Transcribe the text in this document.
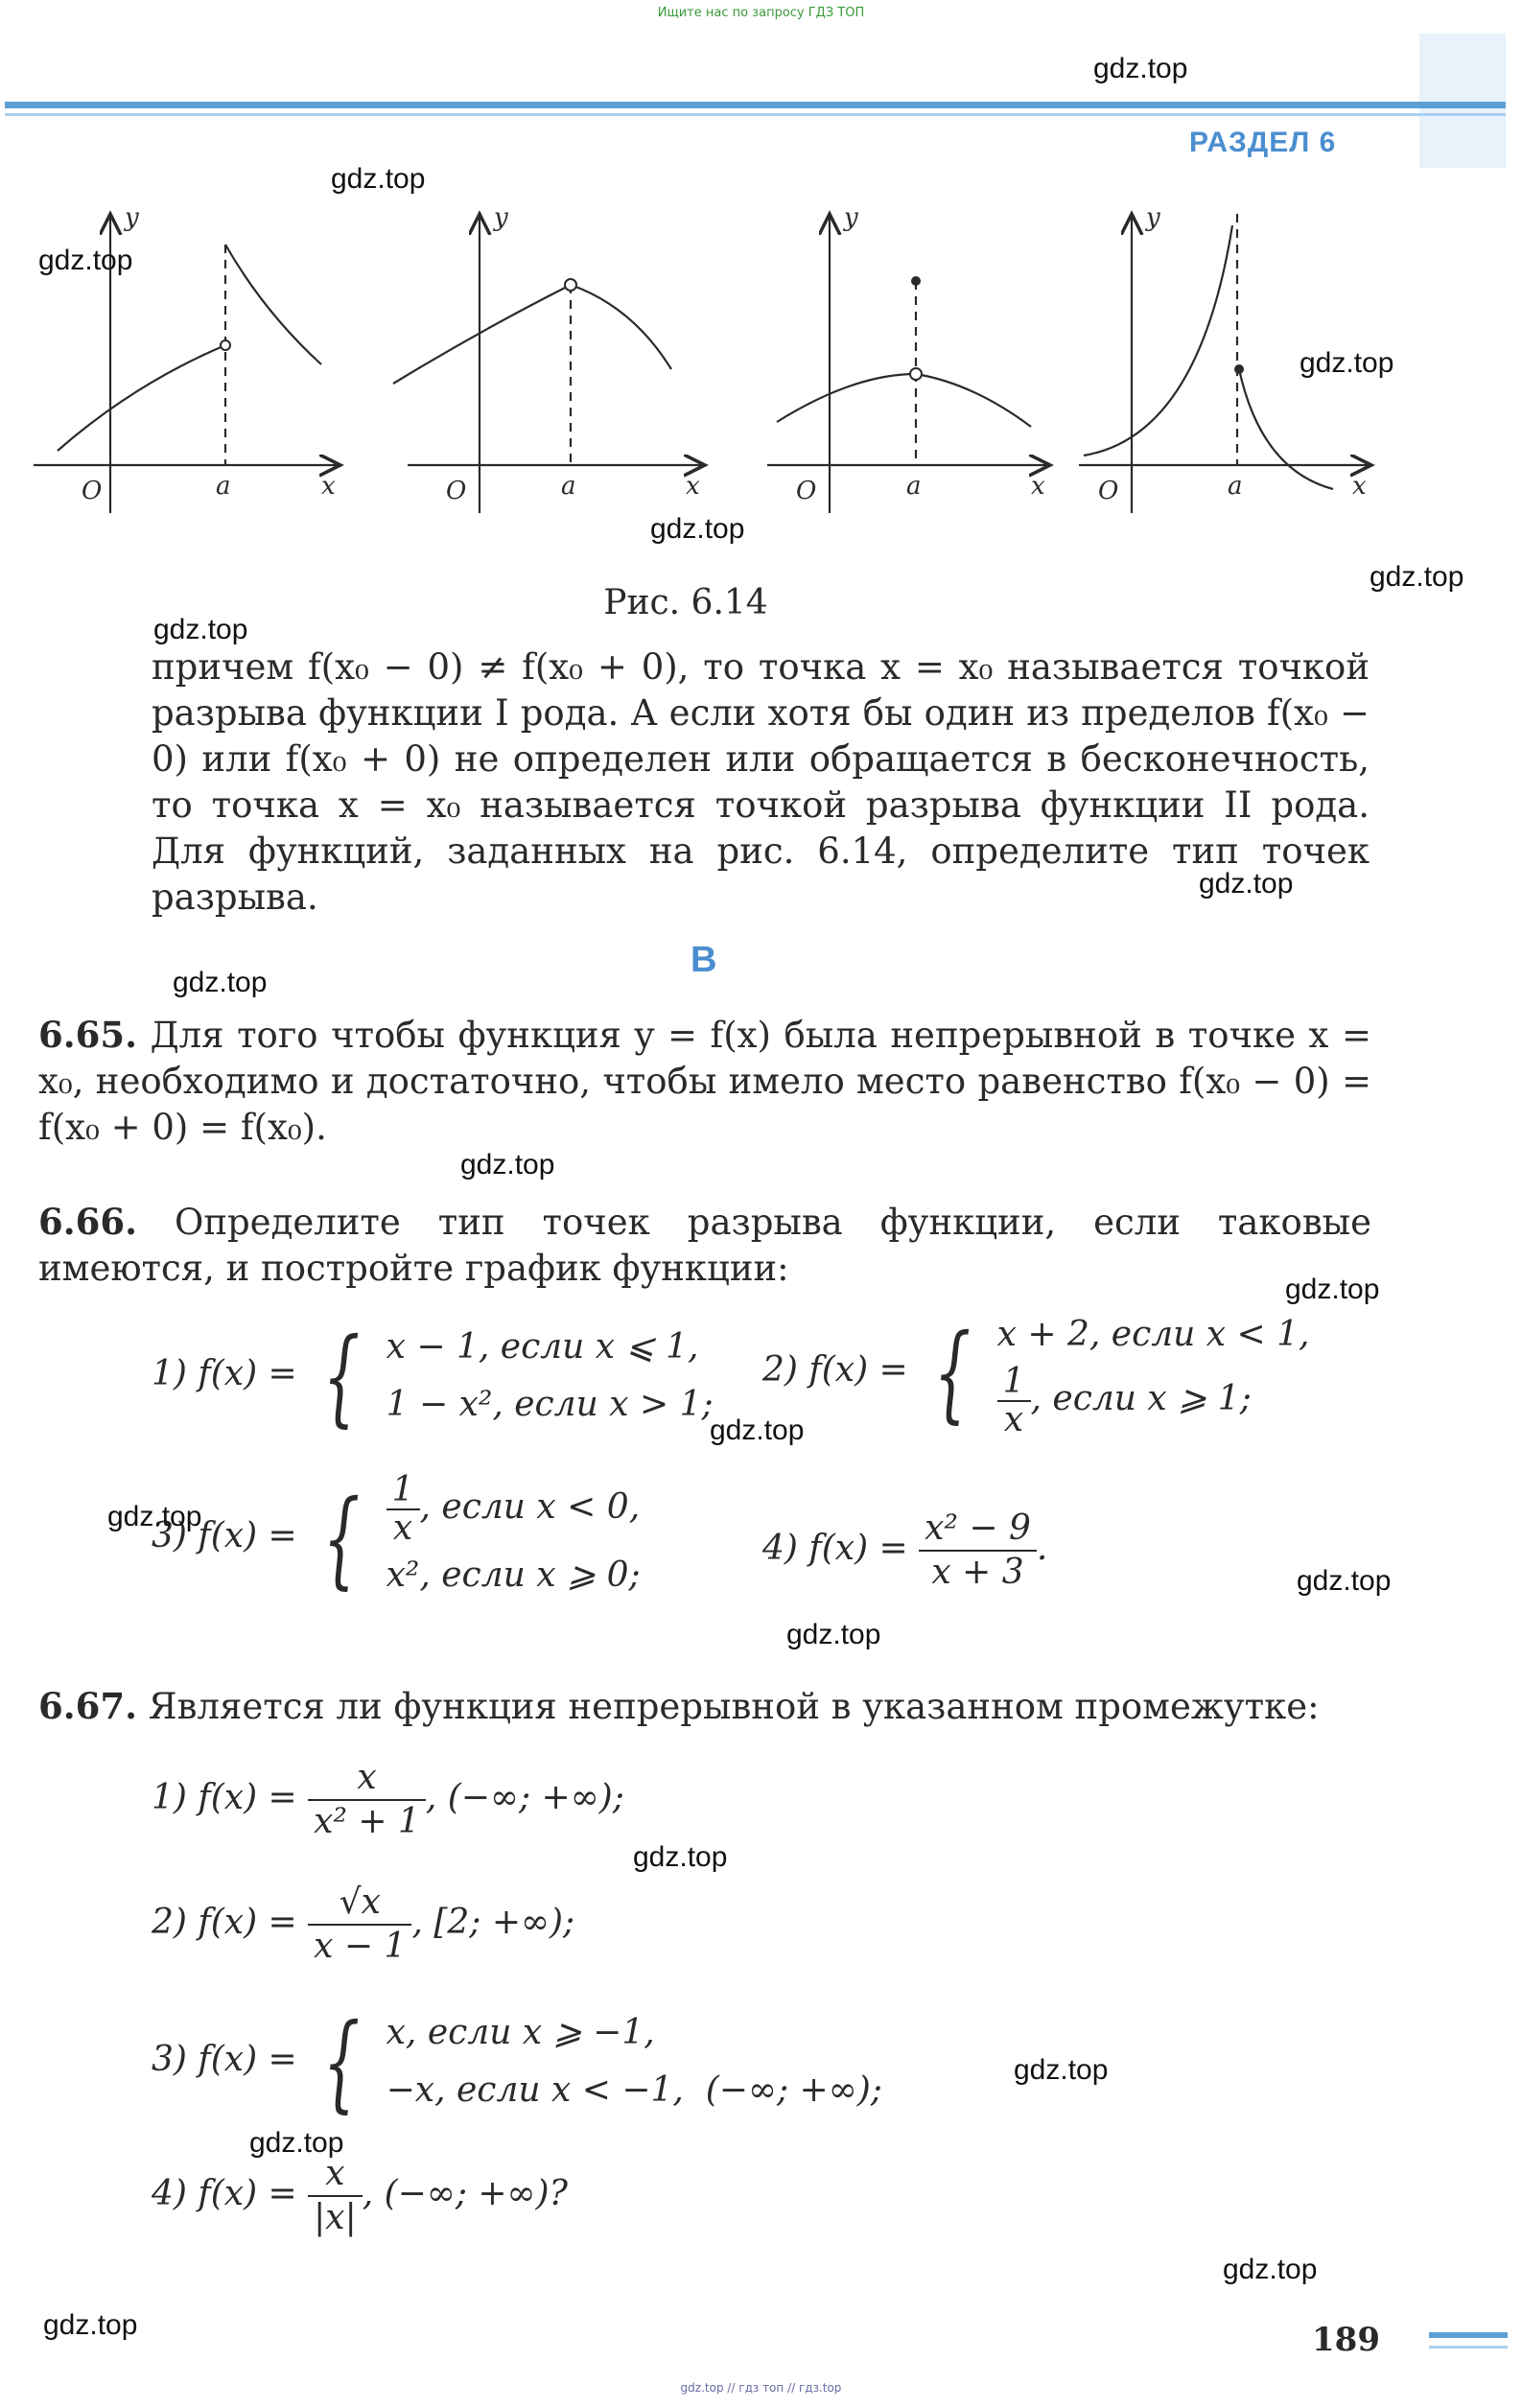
Ищите нас по запросу ГДЗ ТОП
РАЗДЕЛ 6
y
x
O	a
y
x
O	a
y
x
O	a
y
x
O	a
Рис. 6.14
причем f(x₀ − 0) ≠ f(x₀ + 0), то точка x = x₀ называется точкой разрыва функции I рода. А если хотя бы один из пределов f(x₀ − 0) или f(x₀ + 0) не определен или обращается в бесконечность, то точка x = x₀ называется точкой разрыва функции II рода. Для функций, заданных на рис. 6.14, определите тип точек разрыва.
B
6.65. Для того чтобы функция y = f(x) была непрерывной в точке x = x₀, необходимо и достаточно, чтобы имело место равенство f(x₀ − 0) = f(x₀ + 0) = f(x₀).
6.66. Определите тип точек разрыва функции, если таковые имеются, и постройте график функции:
1) f(x) = { x − 1, если x ⩽ 1,
1 − x², если x > 1;
2) f(x) = { x + 2, если x < 1,
$\frac{1}{x}$ , если x ⩾ 1;
3) f(x) = { $\frac{1}{x}$ , если x < 0,
x², если x ⩾ 0;
4) $f(x) = \frac{\text{x² − 9}}{x + 3}$ .
6.67. Является ли функция непрерывной в указанном промежутке:
1) $f(x) = \frac{x}{\text{x² + 1}}$ , (−∞; +∞);
2) $f(x) = \frac{√x}{x - 1}$ , [2; +∞);
3) f(x) = { x, если x ⩾ −1,
−x, если x < −1, (−∞; +∞);
4) $f(x) = \frac{x}{|x|}$ , (−∞; +∞)?
gdz.top
gdz.top
gdz.top
gdz.top
gdz.top
gdz.top
gdz.top
gdz.top
gdz.top
gdz.top
gdz.top
gdz.top
gdz.top
gdz.top
gdz.top
gdz.top
gdz.top
gdz.top
gdz.top
gdz.top	189
gdz.top // гдз топ // гдз.top
